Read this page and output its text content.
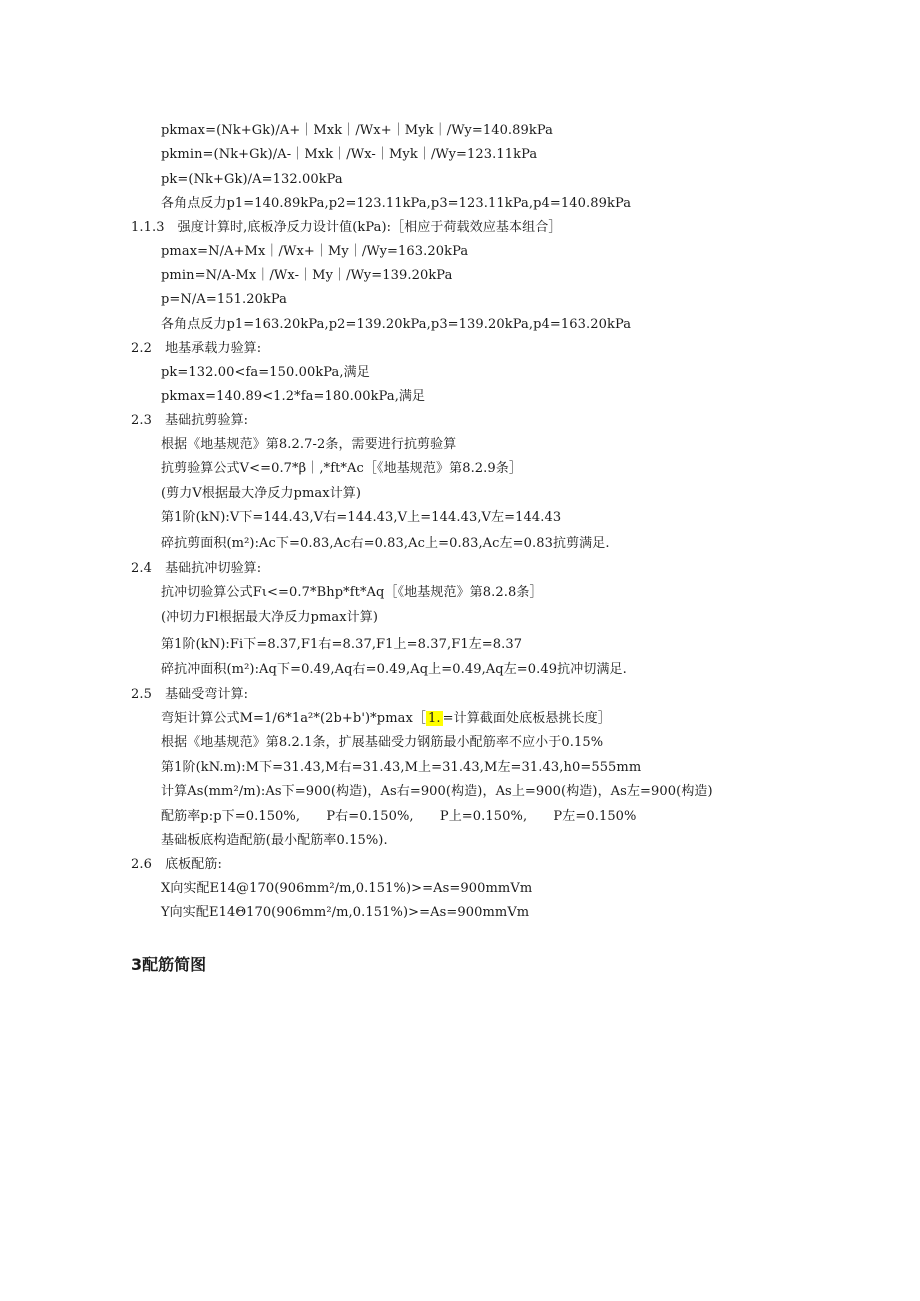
pkmax=(Nk+Gk)/A+｜Mxk｜/Wx+｜Myk｜/Wy=140.89kPa
pkmin=(Nk+Gk)/A-｜Mxk｜/Wx-｜Myk｜/Wy=123.11kPa
pk=(Nk+Gk)/A=132.00kPa
各角点反力p1=140.89kPa,p2=123.11kPa,p3=123.11kPa,p4=140.89kPa
1.1.3　强度计算时,底板净反力设计值(kPa):［相应于荷载效应基本组合］
pmax=N/A+Mx｜/Wx+｜My｜/Wy=163.20kPa
pmin=N/A-Mx｜/Wx-｜My｜/Wy=139.20kPa
p=N/A=151.20kPa
各角点反力p1=163.20kPa,p2=139.20kPa,p3=139.20kPa,p4=163.20kPa
2.2　地基承载力验算:
pk=132.00<fa=150.00kPa,满足
pkmax=140.89<1.2*fa=180.00kPa,满足
2.3　基础抗剪验算:
根据《地基规范》第8.2.7-2条，需要进行抗剪验算
抗剪验算公式V<=0.7*β｜,*ft*Ac［《地基规范》第8.2.9条］
(剪力V根据最大净反力pmax计算)
第1阶(kN):V下=144.43,V右=144.43,V上=144.43,V左=144.43
碎抗剪面积(m²):Ac下=0.83,Ac右=0.83,Ac上=0.83,Ac左=0.83抗剪满足.
2.4　基础抗冲切验算:
抗冲切验算公式Fι<=0.7*Bhp*ft*Aq［《地基规范》第8.2.8条］
(冲切力Fl根据最大净反力pmax计算)
第1阶(kN):Fi下=8.37,F1右=8.37,F1上=8.37,F1左=8.37
碎抗冲面积(m²):Aq下=0.49,Aq右=0.49,Aq上=0.49,Aq左=0.49抗冲切满足.
2.5　基础受弯计算:
弯矩计算公式M=1/6*1a²*(2b+b')*pmax［ 1. =计算截面处底板悬挑长度］
根据《地基规范》第8.2.1条，扩展基础受力钢筋最小配筋率不应小于0.15%
第1阶(kN.m):M下=31.43,M右=31.43,M上=31.43,M左=31.43,h0=555mm
计算As(mm²/m):As下=900(构造)，As右=900(构造)，As上=900(构造)，As左=900(构造)
配筋率p:p下=0.150%,　　P右=0.150%,　　P上=0.150%,　　P左=0.150%
基础板底构造配筋(最小配筋率0.15%).
2.6　底板配筋:
X向实配E14@170(906mm²/m,0.151%)>=As=900mmVm
Y向实配E14Θ170(906mm²/m,0.151%)>=As=900mmVm
3配筋简图
